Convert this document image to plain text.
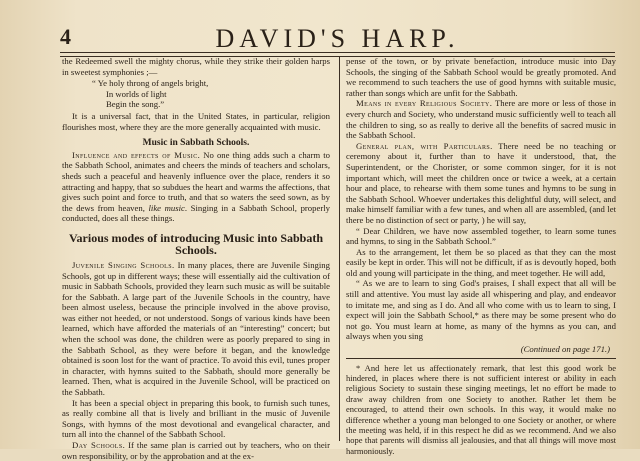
4	DAVID'S HARP.

the Redeemed swell the mighty chorus, while they strike their golden harps in sweetest symphonies ;—

“ Ye holy throng of angels bright,
In worlds of light
Begin the song.”

It is a universal fact, that in the United States, in particular, religion flourishes most, where they are the more generally acquainted with music.

Music in Sabbath Schools.

Influence and effects of Music. No one thing adds such a charm to the Sabbath School, animates and cheers the minds of teachers and scholars, sheds such a peaceful and heavenly influence over the place, renders it so attracting and happy, that so subdues the heart and warms the affections, that gives such point and force to truth, and that so waters the seed sown, as by the dews from heaven, like music. Singing in a Sabbath School, properly conducted, does all these things.

Various modes of introducing Music into Sabbath Schools.

Juvenile Singing Schools. In many places, there are Juvenile Singing Schools, got up in different ways; these will essentially aid the cultivation of music in Sabbath Schools, provided they learn such music as will be suitable for the Sabbath. A large part of the Juvenile Schools in the country, have been almost useless, because the principle involved in the above proviso, was either not heeded, or not understood. Songs of various kinds have been learned, which have afforded the materials of an “interesting” concert; but when the school was done, the children were as poorly prepared to sing in the Sabbath School, as they were before it began, and the knowledge obtained is soon lost for the want of practice. To avoid this evil, tunes proper in character, with hymns suited to the Sabbath, should more generally be learned. Then, what is acquired in the Juvenile School, will be practiced on the Sabbath.

It has been a special object in preparing this book, to furnish such tunes, as really combine all that is lively and brilliant in the music of Juvenile Songs, with hymns of the most devotional and evangelical character, and turn all into the channel of the Sabbath School.

Day Schools. If the same plan is carried out by teachers, who on their own responsibility, or by the approbation and at the ex-

pense of the town, or by private benefaction, introduce music into Day Schools, the singing of the Sabbath School would be greatly promoted. And we recommend to such teachers the use of good hymns with suitable music, rather than songs which are unfit for the Sabbath.

Means in every Religious Society. There are more or less of those in every church and Society, who understand music sufficiently well to teach all the children to sing, so as really to derive all the benefits of sacred music in the Sabbath School.

General plan, with Particulars. There need be no teaching or ceremony about it, further than to have it understood, that, the Superintendent, or the Chorister, or some common singer, for it is not important which, will meet the children once or twice a week, at a certain hour and place, to rehearse with them some tunes and hymns to be sung in the Sabbath School. Whoever undertakes this delightful duty, will select, and make himself familiar with a few tunes, and when all are assembled, (and let there be no distinction of sect or party, ) he will say,

“ Dear Children, we have now assembled together, to learn some tunes and hymns, to sing in the Sabbath School.”

As to the arrangement, let them be so placed as that they can the most easily be kept in order. This will not be difficult, if as is devoutly hoped, both old and young will participate in the thing, and meet together. He will add,

“ As we are to learn to sing God's praises, I shall expect that all will be still and attentive. You must lay aside all whispering and play, and endeavor to imitate me, and sing as I do. And all who come with us to learn to sing, I expect will join the Sabbath School,* as there may be some present who do not go. You must learn at home, as many of the hymns as you can, and always when you sing

(Continued on page 171.)

* And here let us affectionately remark, that lest this good work be hindered, in places where there is not sufficient interest or ability in each religious Society to sustain these singing meetings, let no effort be made to draw away children from one Society to another. Rather let them be encouraged, to attend their own schools. In this way, it would make no difference whether a young man belonged to one Society or another, or where the meeting was held, if in this respect he did as we recommend. And we also hope that parents will dismiss all jealousies, and that all things will move most harmoniously.
